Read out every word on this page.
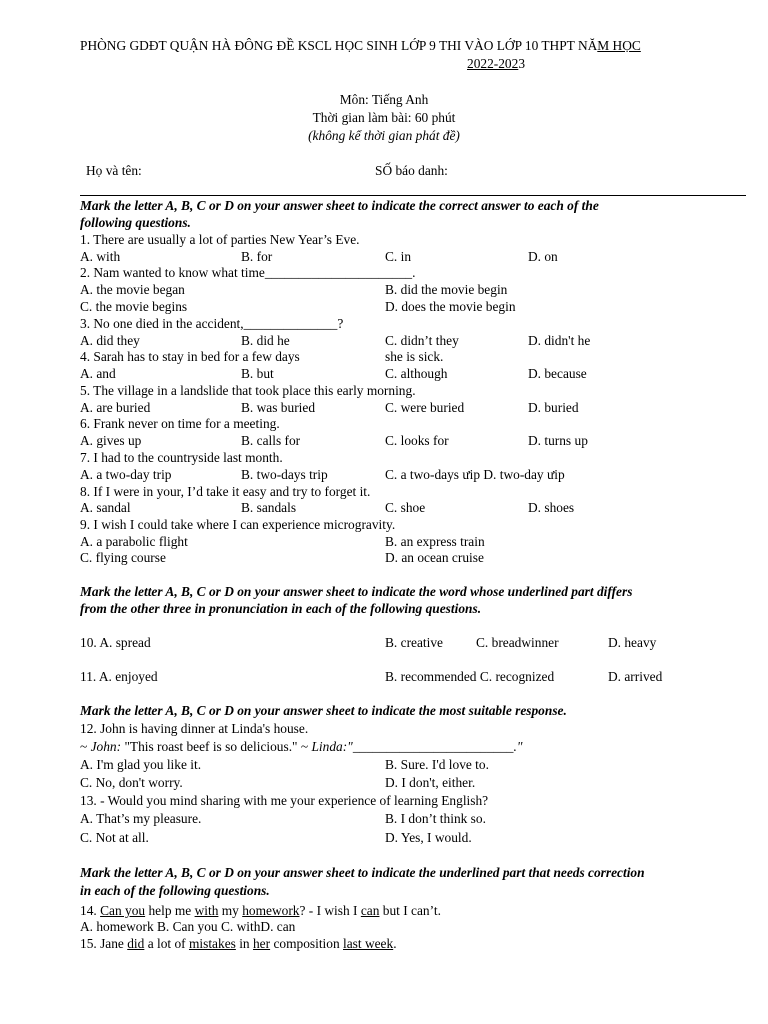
PHÒNG GDĐT QUẬN HÀ ĐÔNG ĐỀ KSCL HỌC SINH LỚP 9 THI VÀO LỚP 10 THPT NĂM HỌC
2022-2023
Môn: Tiếng Anh
Thời gian làm bài: 60 phút
(không kể thời gian phát đề)
Họ và tên:	SỐ báo danh:
Mark the letter A, B, C or D on your answer sheet to indicate the correct answer to each of the
following questions.
1. There are usually a lot of parties New Year’s Eve.
A. with	B. for	C. in	D. on
2. Nam wanted to know what time______________________.
A. the movie began	B. did the movie begin
C. the movie begins	D. does the movie begin
3. No one died in the accident,______________?
A. did they	B. did he	C. didn’t they	D. didn't he
4. Sarah has to stay in bed for a few days	she is sick.
A. and	B. but	C. although	D. because
5. The village in a landslide that took place this early morning.
A. are buried	B. was buried	C. were buried	D. buried
6. Frank never on time for a meeting.
A. gives up	B. calls for	C. looks for	D. turns up
7. I had to the countryside last month.
A. a two-day trip	B. two-days trip	C. a two-days ưip D. two-day ưip
8. If I were in your, I’d take it easy and try to forget it.
A. sandal	B. sandals	C. shoe	D. shoes
9. I wish I could take where I can experience microgravity.
A. a parabolic flight	B. an express train
C. flying course	D. an ocean cruise
Mark the letter A, B, C or D on your answer sheet to indicate the word whose underlined part differs
from the other three in pronunciation in each of the following questions.
10. A. spread	B. creative C. breadwinner	D. heavy
11. A. enjoyed	B. recommended C. recognized	D. arrived
Mark the letter A, B, C or D on your answer sheet to indicate the most suitable response.
12. John is having dinner at Linda's house.
~ John: "This roast beef is so delicious." ~ Linda:"________________________."
A. I'm glad you like it.	B. Sure. I'd love to.
C. No, don't worry.	D. I don't, either.
13. - Would you mind sharing with me your experience of learning English?
A. That’s my pleasure.	B. I don’t think so.
C. Not at all.	D. Yes, I would.
Mark the letter A, B, C or D on your answer sheet to indicate the underlined part that needs correction
in each of the following questions.
14. Can you help me with my homework? - I wish I can but I can’t.
A. homework B. Can you C. withD. can
15. Jane did a lot of mistakes in her composition last week.
